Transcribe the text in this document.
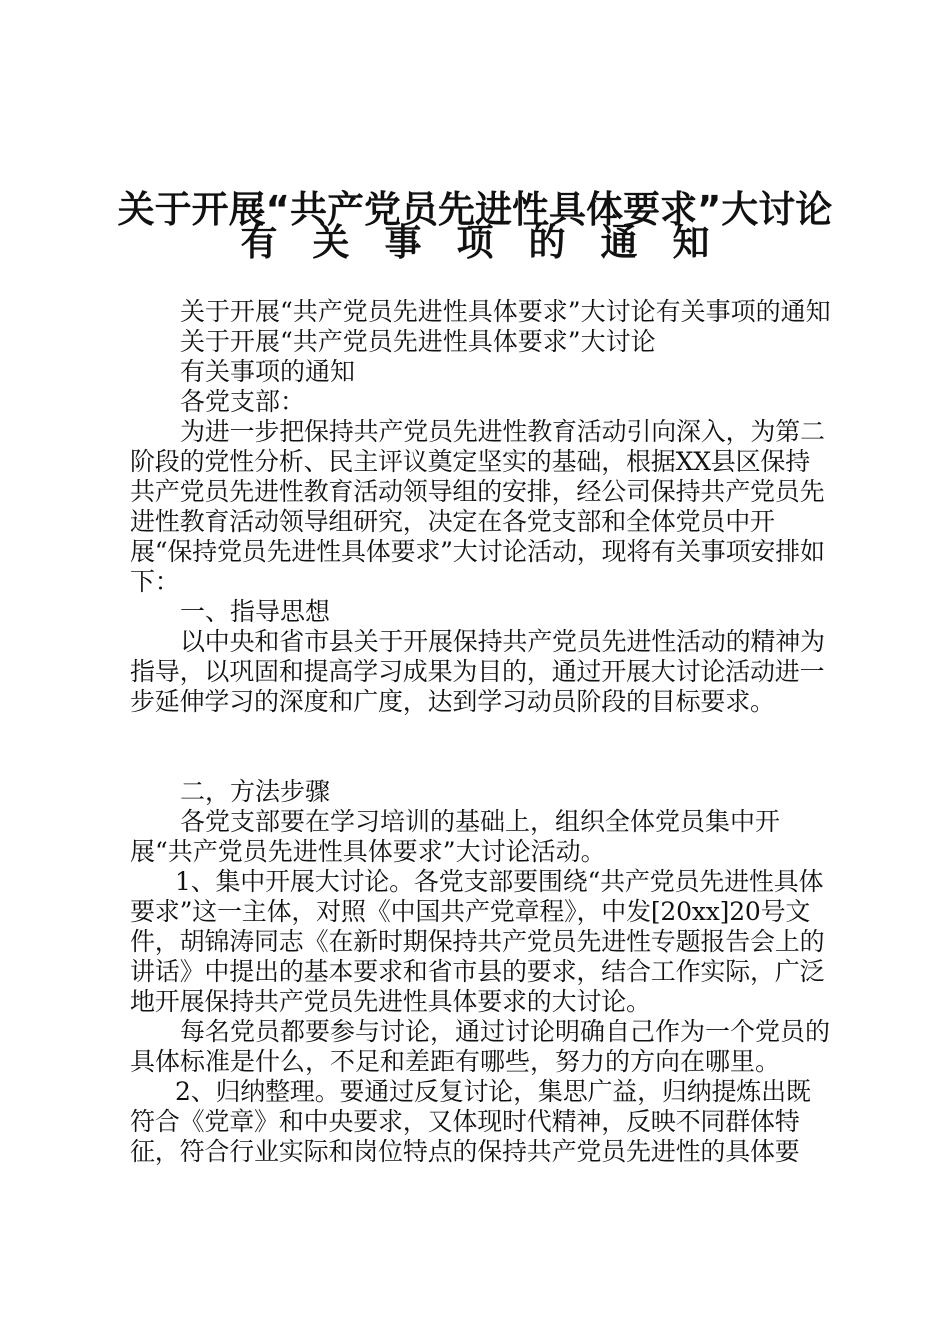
关于开展“共产党员先进性具体要求”大讨论
有关事项的通知

关于开展“共产党员先进性具体要求”大讨论有关事项的通知

关于开展“共产党员先进性具体要求”大讨论

有关事项的通知

各党支部：

为进一步把保持共产党员先进性教育活动引向深入，为第二阶段的党性分析、民主评议奠定坚实的基础，根据XX县区保持共产党员先进性教育活动领导组的安排，经公司保持共产党员先进性教育活动领导组研究，决定在各党支部和全体党员中开展“保持党员先进性具体要求”大讨论活动，现将有关事项安排如下：

一、指导思想

以中央和省市县关于开展保持共产党员先进性活动的精神为指导，以巩固和提高学习成果为目的，通过开展大讨论活动进一步延伸学习的深度和广度，达到学习动员阶段的目标要求。

二，方法步骤

各党支部要在学习培训的基础上，组织全体党员集中开展“共产党员先进性具体要求”大讨论活动。

1、集中开展大讨论。各党支部要围绕“共产党员先进性具体要求”这一主体，对照《中国共产党章程》，中发[20xx]20号文件，胡锦涛同志《在新时期保持共产党员先进性专题报告会上的讲话》中提出的基本要求和省市县的要求，结合工作实际，广泛地开展保持共产党员先进性具体要求的大讨论。

每名党员都要参与讨论，通过讨论明确自己作为一个党员的具体标准是什么，不足和差距有哪些，努力的方向在哪里。

2、归纳整理。要通过反复讨论，集思广益，归纳提炼出既符合《党章》和中央要求，又体现时代精神，反映不同群体特征，符合行业实际和岗位特点的保持共产党员先进性的具体要
